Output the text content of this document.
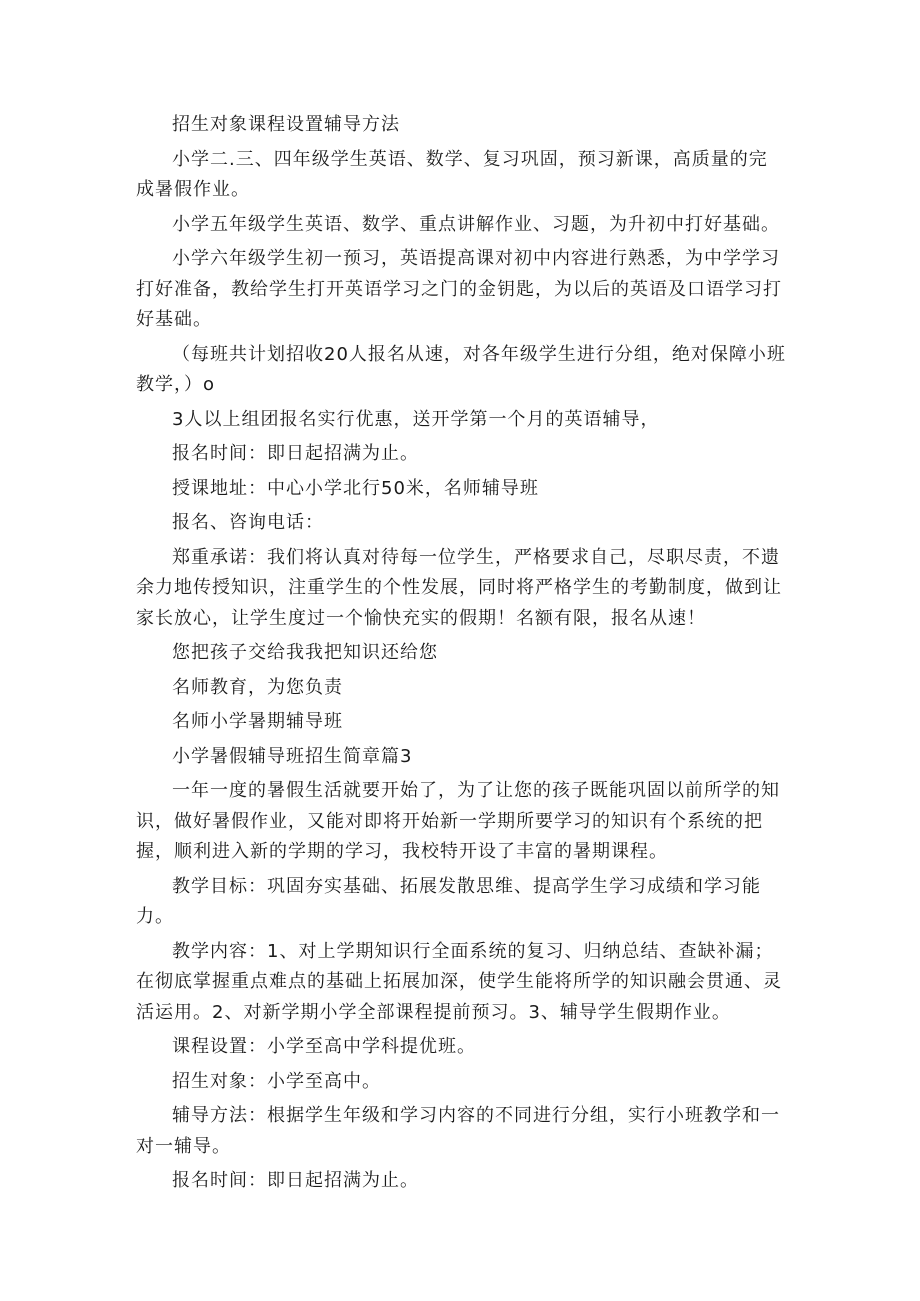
招生对象课程设置辅导方法

小学二.三、四年级学生英语、数学、复习巩固，预习新课，高质量的完成暑假作业。

小学五年级学生英语、数学、重点讲解作业、习题，为升初中打好基础。

小学六年级学生初一预习，英语提高课对初中内容进行熟悉，为中学学习打好准备，教给学生打开英语学习之门的金钥匙，为以后的英语及口语学习打好基础。

（每班共计划招收20人报名从速，对各年级学生进行分组，绝对保障小班教学，）o

3人以上组团报名实行优惠，送开学第一个月的英语辅导，

报名时间：即日起招满为止。

授课地址：中心小学北行50米，名师辅导班

报名、咨询电话：

郑重承诺：我们将认真对待每一位学生，严格要求自己，尽职尽责，不遗余力地传授知识，注重学生的个性发展，同时将严格学生的考勤制度，做到让家长放心，让学生度过一个愉快充实的假期！名额有限，报名从速！

您把孩子交给我我把知识还给您

名师教育，为您负责

名师小学暑期辅导班

小学暑假辅导班招生简章篇3

一年一度的暑假生活就要开始了，为了让您的孩子既能巩固以前所学的知识，做好暑假作业，又能对即将开始新一学期所要学习的知识有个系统的把握，顺利进入新的学期的学习，我校特开设了丰富的暑期课程。

教学目标：巩固夯实基础、拓展发散思维、提高学生学习成绩和学习能力。

教学内容：1、对上学期知识行全面系统的复习、归纳总结、查缺补漏；在彻底掌握重点难点的基础上拓展加深，使学生能将所学的知识融会贯通、灵活运用。2、对新学期小学全部课程提前预习。3、辅导学生假期作业。

课程设置：小学至高中学科提优班。

招生对象：小学至高中。

辅导方法：根据学生年级和学习内容的不同进行分组，实行小班教学和一对一辅导。

报名时间：即日起招满为止。
